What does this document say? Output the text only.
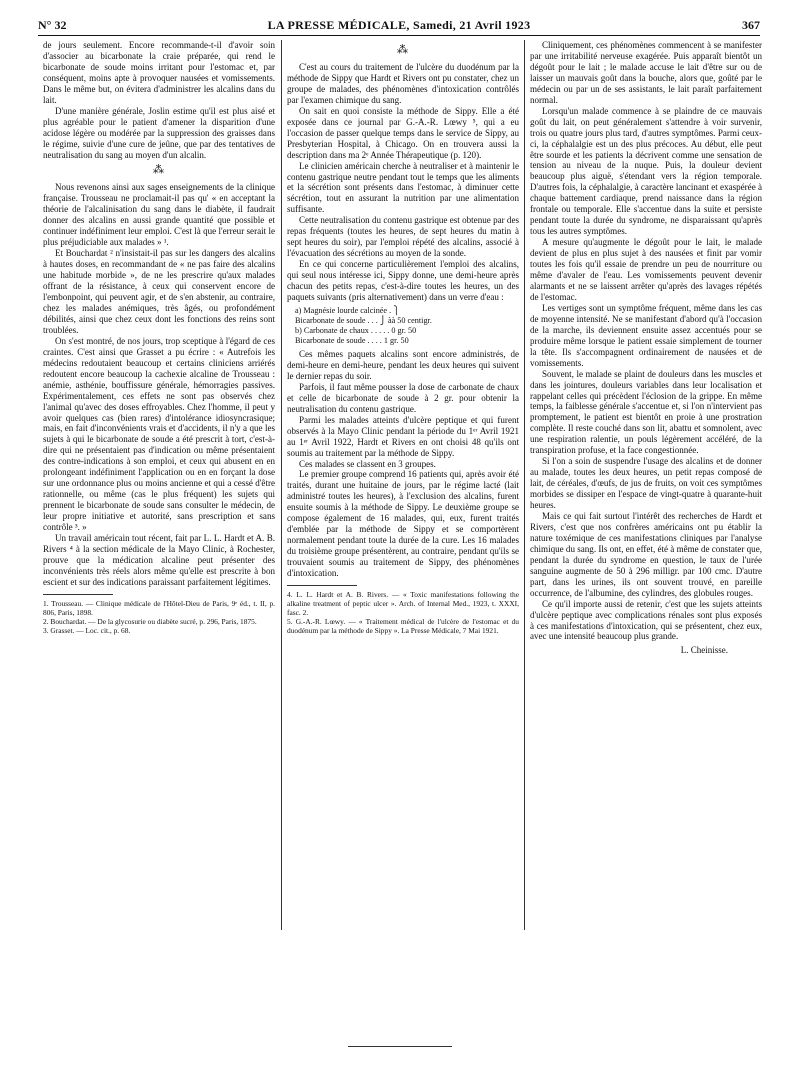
N° 32	LA PRESSE MÉDICALE, Samedi, 21 Avril 1923	367

de jours seulement. Encore recommande-t-il d'avoir soin d'associer au bicarbonate la craie préparée, qui rend le bicarbonate de soude moins irritant pour l'estomac et, par conséquent, moins apte à provoquer nausées et vomissements. Dans le même but, on évitera d'administrer les alcalins dans du lait.

D'une manière générale, Joslin estime qu'il est plus aisé et plus agréable pour le patient d'amener la disparition d'une acidose légère ou modérée par la suppression des graisses dans le régime, suivie d'une cure de jeûne, que par des tentatives de neutralisation du sang au moyen d'un alcalin.

⁂

Nous revenons ainsi aux sages enseignements de la clinique française. Trousseau ne proclamait-il pas qu' « en acceptant la théorie de l'alcalinisation du sang dans le diabète, il faudrait donner des alcalins en aussi grande quantité que possible et continuer indéfiniment leur emploi. C'est là que l'erreur serait le plus préjudiciable aux malades » ¹.

Et Bouchardat ² n'insistait-il pas sur les dangers des alcalins à hautes doses, en recommandant de « ne pas faire des alcalins une habitude morbide », de ne les prescrire qu'aux malades offrant de la résistance, à ceux qui conservent encore de l'embonpoint, qui peuvent agir, et de s'en abstenir, au contraire, chez les malades anémiques, très âgés, ou profondément débilités, ainsi que chez ceux dont les fonctions des reins sont troublées.

On s'est montré, de nos jours, trop sceptique à l'égard de ces craintes. C'est ainsi que Grasset a pu écrire : « Autrefois les médecins redoutaient beaucoup et certains cliniciens arriérés redoutent encore beaucoup la cachexie alcaline de Trousseau : anémie, asthénie, bouffissure générale, hémorragies passives. Expérimentalement, ces effets ne sont pas observés chez l'animal qu'avec des doses effroyables. Chez l'homme, il peut y avoir quelques cas (bien rares) d'intolérance idiosyncrasique; mais, en fait d'inconvénients vrais et d'accidents, il n'y a que les sujets à qui le bicarbonate de soude a été prescrit à tort, c'est-à-dire qui ne présentaient pas d'indication ou même présentaient des contre-indications à son emploi, et ceux qui abusent en en prolongeant indéfiniment l'application ou en en forçant la dose sur une ordonnance plus ou moins ancienne et qui a cessé d'être rationnelle, ou même (cas le plus fréquent) les sujets qui prennent le bicarbonate de soude sans consulter le médecin, de leur propre initiative et autorité, sans prescription et sans contrôle ³. »

Un travail américain tout récent, fait par L. L. Hardt et A. B. Rivers ⁴ à la section médicale de la Mayo Clinic, à Rochester, prouve que la médication alcaline peut présenter des inconvénients très réels alors même qu'elle est prescrite à bon escient et sur des indications paraissant parfaitement légitimes.

1. Trousseau. — Clinique médicale de l'Hôtel-Dieu de Paris, 9ᵉ éd., t. II, p. 806, Paris, 1898.

2. Bouchardat. — De la glycosurie ou diabète sucré, p. 296, Paris, 1875.

3. Grasset. — Loc. cit., p. 68.

⁂

C'est au cours du traitement de l'ulcère du duodénum par la méthode de Sippy que Hardt et Rivers ont pu constater, chez un groupe de malades, des phénomènes d'intoxication contrôlés par l'examen chimique du sang.

On sait en quoi consiste la méthode de Sippy. Elle a été exposée dans ce journal par G.-A.-R. Lœwy ⁵, qui a eu l'occasion de passer quelque temps dans le service de Sippy, au Presbyterian Hospital, à Chicago. On en trouvera aussi la description dans ma 2ᵉ Année Thérapeutique (p. 120).

Le clinicien américain cherche à neutraliser et à maintenir le contenu gastrique neutre pendant tout le temps que les aliments et la sécrétion sont présents dans l'estomac, à diminuer cette sécrétion, tout en assurant la nutrition par une alimentation suffisante.

Cette neutralisation du contenu gastrique est obtenue par des repas fréquents (toutes les heures, de sept heures du matin à sept heures du soir), par l'emploi répété des alcalins, associé à l'évacuation des sécrétions au moyen de la sonde.

En ce qui concerne particulièrement l'emploi des alcalins, qui seul nous intéresse ici, Sippy donne, une demi-heure après chacun des petits repas, c'est-à-dire toutes les heures, un des paquets suivants (pris alternativement) dans un verre d'eau :

a) Magnésie lourde calcinée . ⎫
Bicarbonate de soude . . . ⎭ àà 50 centigr.
b) Carbonate de chaux . . . . . 0 gr. 50
Bicarbonate de soude . . . . 1 gr. 50

Ces mêmes paquets alcalins sont encore administrés, de demi-heure en demi-heure, pendant les deux heures qui suivent le dernier repas du soir.

Parfois, il faut même pousser la dose de carbonate de chaux et celle de bicarbonate de soude à 2 gr. pour obtenir la neutralisation du contenu gastrique.

Parmi les malades atteints d'ulcère peptique et qui furent observés à la Mayo Clinic pendant la période du 1ᵉʳ Avril 1921 au 1ᵉʳ Avril 1922, Hardt et Rivers en ont choisi 48 qu'ils ont soumis au traitement par la méthode de Sippy.

Ces malades se classent en 3 groupes.

Le premier groupe comprend 16 patients qui, après avoir été traités, durant une huitaine de jours, par le régime lacté (lait administré toutes les heures), à l'exclusion des alcalins, furent ensuite soumis à la méthode de Sippy. Le deuxième groupe se compose également de 16 malades, qui, eux, furent traités d'emblée par la méthode de Sippy et se comportèrent normalement pendant toute la durée de la cure. Les 16 malades du troisième groupe présentèrent, au contraire, pendant qu'ils se trouvaient soumis au traitement de Sippy, des phénomènes d'intoxication.

4. L. L. Hardt et A. B. Rivers. — « Toxic manifestations following the alkaline treatment of peptic ulcer ». Arch. of Internal Med., 1923, t. XXXI, fasc. 2.

5. G.-A.-R. Lœwy. — « Traitement médical de l'ulcère de l'estomac et du duodénum par la méthode de Sippy ». La Presse Médicale, 7 Mai 1921.

Cliniquement, ces phénomènes commencent à se manifester par une irritabilité nerveuse exagérée. Puis apparaît bientôt un dégoût pour le lait ; le malade accuse le lait d'être sur ou de laisser un mauvais goût dans la bouche, alors que, goûté par le médecin ou par un de ses assistants, le lait paraît parfaitement normal.

Lorsqu'un malade commence à se plaindre de ce mauvais goût du lait, on peut généralement s'attendre à voir survenir, trois ou quatre jours plus tard, d'autres symptômes. Parmi ceux-ci, la céphalalgie est un des plus précoces. Au début, elle peut être sourde et les patients la décrivent comme une sensation de tension au niveau de la nuque. Puis, la douleur devient beaucoup plus aiguë, s'étendant vers la région temporale. D'autres fois, la céphalalgie, à caractère lancinant et exaspérée à chaque battement cardiaque, prend naissance dans la région frontale ou temporale. Elle s'accentue dans la suite et persiste pendant toute la durée du syndrome, ne disparaissant qu'après tous les autres symptômes.

A mesure qu'augmente le dégoût pour le lait, le malade devient de plus en plus sujet à des nausées et finit par vomir toutes les fois qu'il essaie de prendre un peu de nourriture ou même d'avaler de l'eau. Les vomissements peuvent devenir alarmants et ne se laissent arrêter qu'après des lavages répétés de l'estomac.

Les vertiges sont un symptôme fréquent, même dans les cas de moyenne intensité. Ne se manifestant d'abord qu'à l'occasion de la marche, ils deviennent ensuite assez accentués pour se produire même lorsque le patient essaie simplement de tourner la tête. Ils s'accompagnent ordinairement de nausées et de vomissements.

Souvent, le malade se plaint de douleurs dans les muscles et dans les jointures, douleurs variables dans leur localisation et rappelant celles qui précèdent l'éclosion de la grippe. En même temps, la faiblesse générale s'accentue et, si l'on n'intervient pas promptement, le patient est bientôt en proie à une prostration complète. Il reste couché dans son lit, abattu et somnolent, avec une respiration ralentie, un pouls légèrement accéléré, de la transpiration profuse, et la face congestionnée.

Si l'on a soin de suspendre l'usage des alcalins et de donner au malade, toutes les deux heures, un petit repas composé de lait, de céréales, d'œufs, de jus de fruits, on voit ces symptômes morbides se dissiper en l'espace de vingt-quatre à quarante-huit heures.

Mais ce qui fait surtout l'intérêt des recherches de Hardt et Rivers, c'est que nos confrères américains ont pu établir la nature toxémique de ces manifestations cliniques par l'analyse chimique du sang. Ils ont, en effet, été à même de constater que, pendant la durée du syndrome en question, le taux de l'urée sanguine augmente de 50 à 296 milligr. par 100 cmc. D'autre part, dans les urines, ils ont souvent trouvé, en pareille occurrence, de l'albumine, des cylindres, des globules rouges.

Ce qu'il importe aussi de retenir, c'est que les sujets atteints d'ulcère peptique avec complications rénales sont plus exposés à ces manifestations d'intoxication, qui se présentent, chez eux, avec une intensité beaucoup plus grande.

L. Cheinisse.
